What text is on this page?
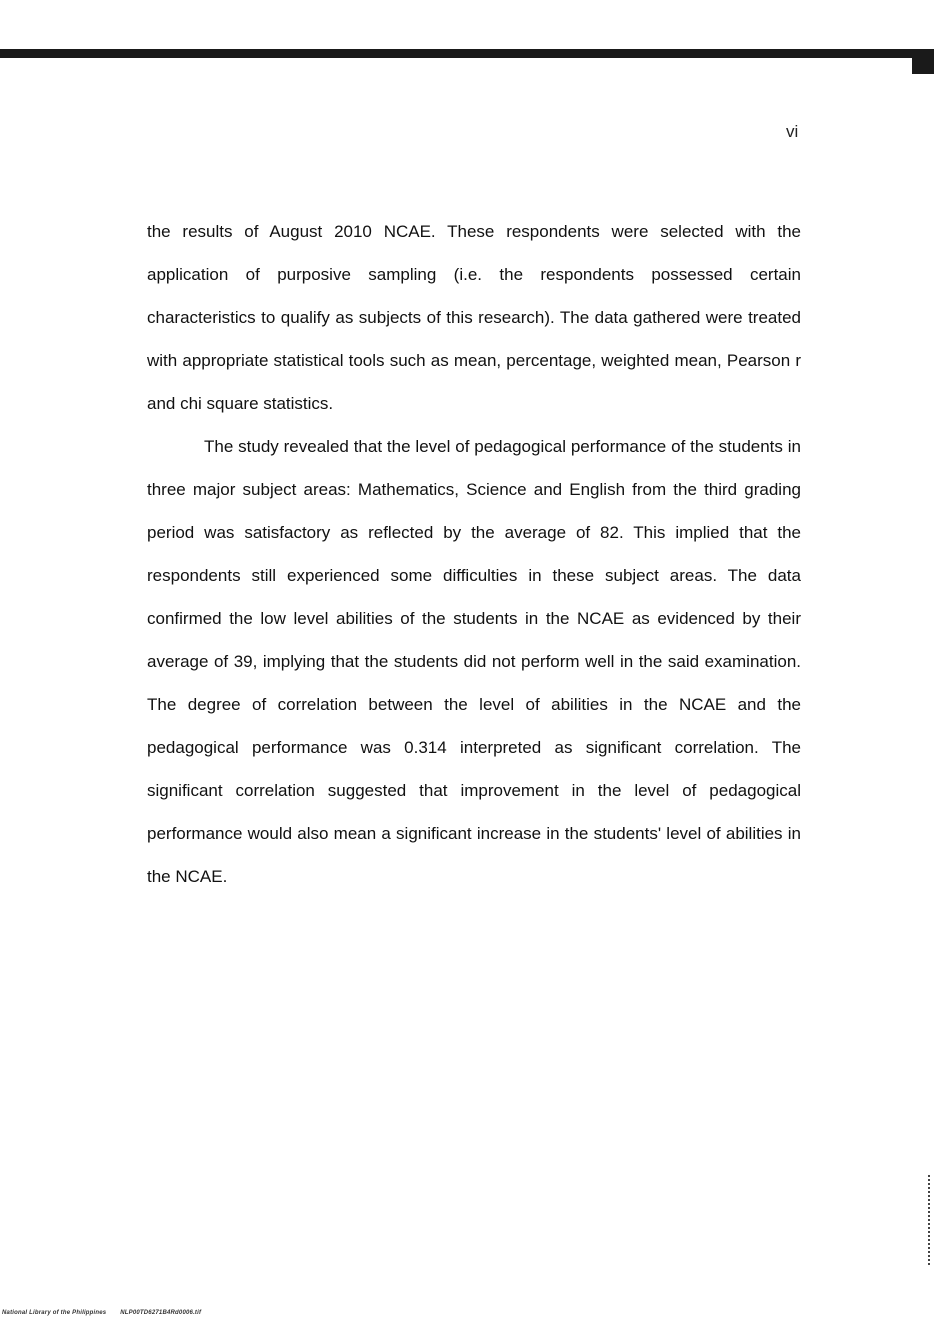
vi

the results of August 2010 NCAE. These respondents were selected with the application of purposive sampling (i.e. the respondents possessed certain characteristics to qualify as subjects of this research). The data gathered were treated with appropriate statistical tools such as mean, percentage, weighted mean, Pearson r and chi square statistics.

The study revealed that the level of pedagogical performance of the students in three major subject areas: Mathematics, Science and English from the third grading period was satisfactory as reflected by the average of 82. This implied that the respondents still experienced some difficulties in these subject areas. The data confirmed the low level abilities of the students in the NCAE as evidenced by their average of 39, implying that the students did not perform well in the said examination. The degree of correlation between the level of abilities in the NCAE and the pedagogical performance was 0.314 interpreted as significant correlation. The significant correlation suggested that improvement in the level of pedagogical performance would also mean a significant increase in the students' level of abilities in the NCAE.

National Library of the Philippines NLP00TD6271B4Rd0006.tif
